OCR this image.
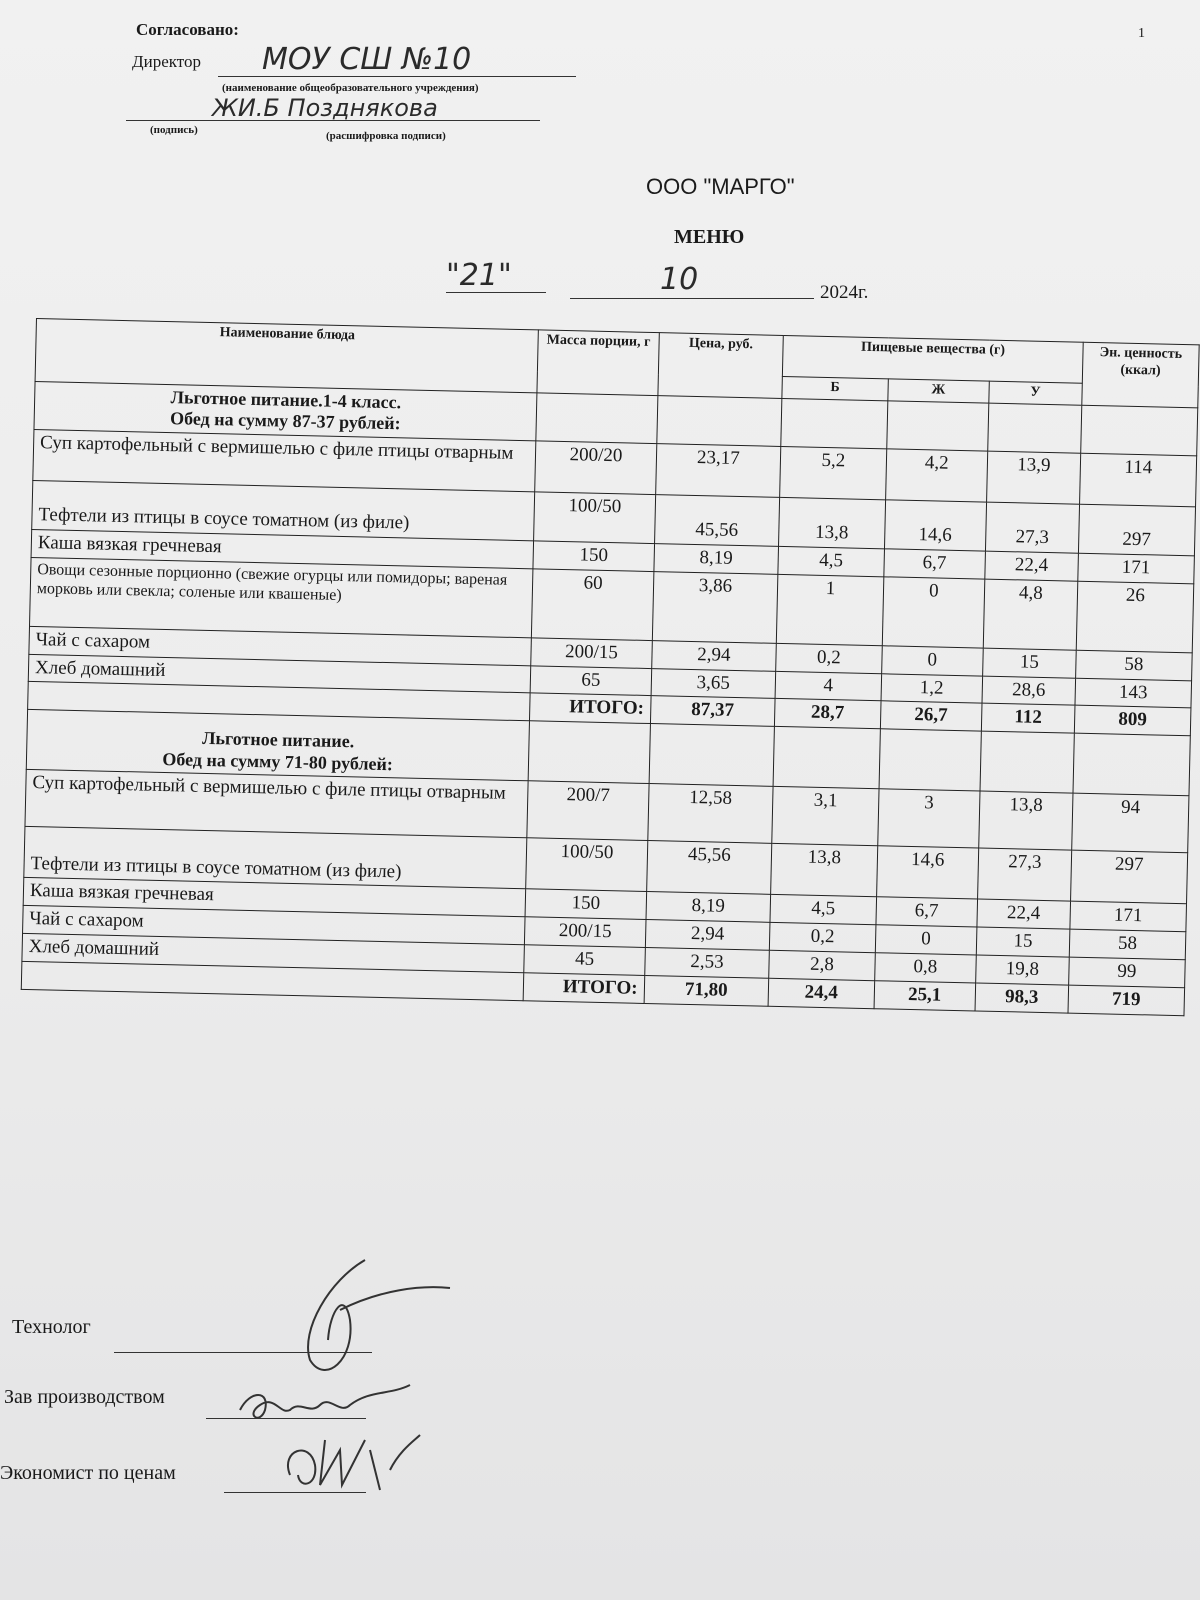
Согласовано:	1
Директор МОУ СШ №10
(наименование общеобразовательного учреждения)
ЖИ.Б Позднякова
(подпись)	(расшифровка подписи)
ООО "МАРГО"
МЕНЮ
"21"	10	2024г.
Наименование блюда	Масса порции, г	Цена, руб.	Пищевые вещества (г)			Эн. ценность (ккал)
			Б	Ж	У	

Льготное питание.1-4 класс.
Обед на сумму 87-37 рублей:						

Суп картофельный с вермишелью с филе птицы отварным	200/20	23,17	5,2	4,2	13,9	114
Тефтели из птицы в соусе томатном (из филе)	100/50	45,56	13,8	14,6	27,3	297
Каша вязкая гречневая	150	8,19	4,5	6,7	22,4	171
Овощи сезонные порционно (свежие огурцы или помидоры; вареная морковь или свекла; соленые или квашеные)	60	3,86	1	0	4,8	26
Чай с сахаром	200/15	2,94	0,2	0	15	58
Хлеб домашний	65	3,65	4	1,2	28,6	143
	ИТОГО:	87,37	28,7	26,7	112	809

Льготное питание.
Обед на сумму 71-80 рублей:						

Суп картофельный с вермишелью с филе птицы отварным	200/7	12,58	3,1	3	13,8	94
Тефтели из птицы в соусе томатном (из филе)	100/50	45,56	13,8	14,6	27,3	297
Каша вязкая гречневая	150	8,19	4,5	6,7	22,4	171
Чай с сахаром	200/15	2,94	0,2	0	15	58
Хлеб домашний	45	2,53	2,8	0,8	19,8	99
	ИТОГО:	71,80	24,4	25,1	98,3	719
Технолог
Зав производством
Экономист по ценам
